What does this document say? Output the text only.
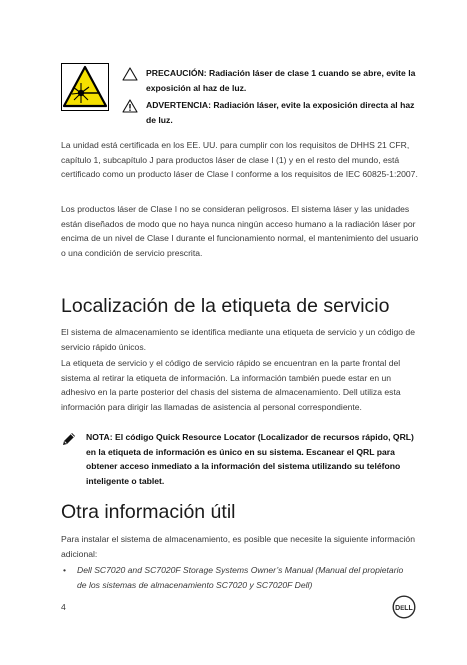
PRECAUCIÓN: Radiación láser de clase 1 cuando se abre, evite la exposición al haz de luz.
ADVERTENCIA: Radiación láser, evite la exposición directa al haz de luz.
La unidad está certificada en los EE. UU. para cumplir con los requisitos de DHHS 21 CFR, capítulo 1, subcapítulo J para productos láser de clase I (1) y en el resto del mundo, está certificado como un producto láser de Clase I conforme a los requisitos de IEC 60825-1:2007.
Los productos láser de Clase I no se consideran peligrosos. El sistema láser y las unidades están diseñados de modo que no haya nunca ningún acceso humano a la radiación láser por encima de un nivel de Clase I durante el funcionamiento normal, el mantenimiento del usuario o una condición de servicio prescrita.
Localización de la etiqueta de servicio
El sistema de almacenamiento se identifica mediante una etiqueta de servicio y un código de servicio rápido únicos.
La etiqueta de servicio y el código de servicio rápido se encuentran en la parte frontal del sistema al retirar la etiqueta de información. La información también puede estar en un adhesivo en la parte posterior del chasis del sistema de almacenamiento. Dell utiliza esta información para dirigir las llamadas de asistencia al personal correspondiente.
NOTA: El código Quick Resource Locator (Localizador de recursos rápido, QRL) en la etiqueta de información es único en su sistema. Escanear el QRL para obtener acceso inmediato a la información del sistema utilizando su teléfono inteligente o tablet.
Otra información útil
Para instalar el sistema de almacenamiento, es posible que necesite la siguiente información adicional:
•	Dell SC7020 and SC7020F Storage Systems Owner’s Manual (Manual del propietario de los sistemas de almacenamiento SC7020 y SC7020F Dell)
4	DELL
